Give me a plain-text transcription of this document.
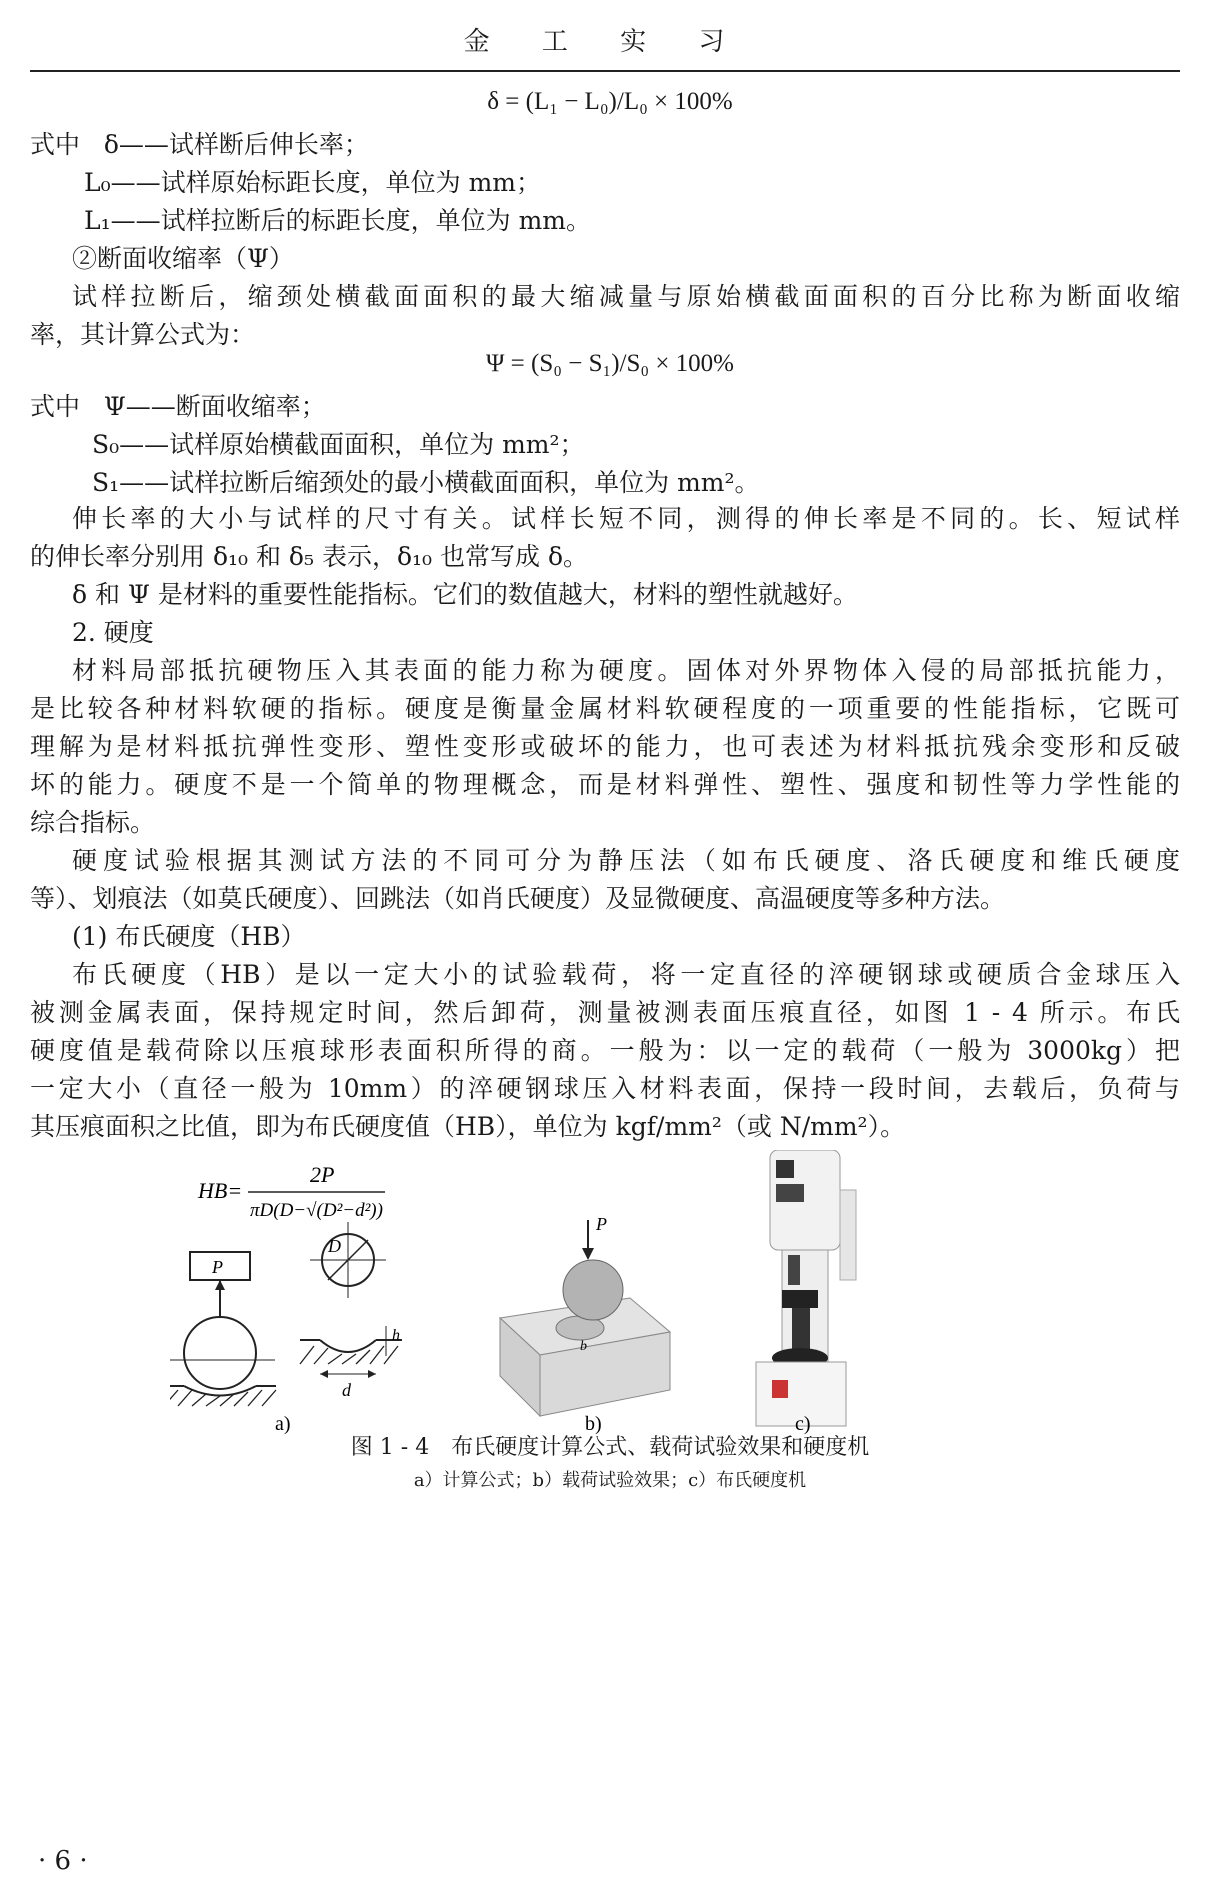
金 工 实 习
δ = (L₁ − L₀)/L₀ × 100%
式中 δ——试样断后伸长率；
L₀——试样原始标距长度，单位为 mm；
L₁——试样拉断后的标距长度，单位为 mm。
②断面收缩率（Ψ）
试样拉断后，缩颈处横截面面积的最大缩减量与原始横截面面积的百分比称为断面收缩
率，其计算公式为：
Ψ = (S₀ − S₁)/S₀ × 100%
式中 Ψ——断面收缩率；
S₀——试样原始横截面面积，单位为 mm²；
S₁——试样拉断后缩颈处的最小横截面面积，单位为 mm²。
伸长率的大小与试样的尺寸有关。试样长短不同，测得的伸长率是不同的。长、短试样
的伸长率分别用 δ₁₀ 和 δ₅ 表示，δ₁₀ 也常写成 δ。
δ 和 Ψ 是材料的重要性能指标。它们的数值越大，材料的塑性就越好。
2. 硬度
材料局部抵抗硬物压入其表面的能力称为硬度。固体对外界物体入侵的局部抵抗能力，
是比较各种材料软硬的指标。硬度是衡量金属材料软硬程度的一项重要的性能指标，它既可
理解为是材料抵抗弹性变形、塑性变形或破坏的能力，也可表述为材料抵抗残余变形和反破
坏的能力。硬度不是一个简单的物理概念，而是材料弹性、塑性、强度和韧性等力学性能的
综合指标。
硬度试验根据其测试方法的不同可分为静压法（如布氏硬度、洛氏硬度和维氏硬度
等）、划痕法（如莫氏硬度）、回跳法（如肖氏硬度）及显微硬度、高温硬度等多种方法。
(1) 布氏硬度（HB）
布氏硬度（HB）是以一定大小的试验载荷，将一定直径的淬硬钢球或硬质合金球压入
被测金属表面，保持规定时间，然后卸荷，测量被测表面压痕直径，如图 1 - 4 所示。布氏
硬度值是载荷除以压痕球形表面积所得的商。一般为：以一定的载荷（一般为 3000kg）把
一定大小（直径一般为 10mm）的淬硬钢球压入材料表面，保持一段时间，去载后，负荷与
其压痕面积之比值，即为布氏硬度值（HB），单位为 kgf/mm²（或 N/mm²）。
HB=
2P
πD(D−√(D²−d²))
P
D
h
d
P
b
a)	b)	c)
图 1 - 4　布氏硬度计算公式、载荷试验效果和硬度机
a）计算公式；b）载荷试验效果；c）布氏硬度机
· 6 ·
